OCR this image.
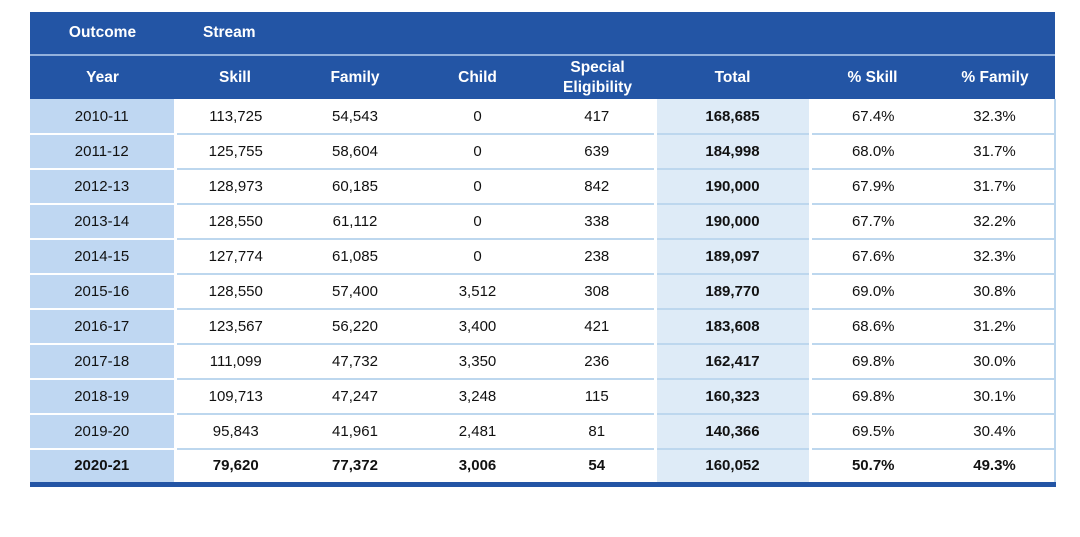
Outcome	Stream						
Year	Skill	Family	Child	Special Eligibility	Total	% Skill	% Family
2010-11	113,725	54,543	0	417	168,685	67.4%	32.3%
2011-12	125,755	58,604	0	639	184,998	68.0%	31.7%
2012-13	128,973	60,185	0	842	190,000	67.9%	31.7%
2013-14	128,550	61,112	0	338	190,000	67.7%	32.2%
2014-15	127,774	61,085	0	238	189,097	67.6%	32.3%
2015-16	128,550	57,400	3,512	308	189,770	69.0%	30.8%
2016-17	123,567	56,220	3,400	421	183,608	68.6%	31.2%
2017-18	111,099	47,732	3,350	236	162,417	69.8%	30.0%
2018-19	109,713	47,247	3,248	115	160,323	69.8%	30.1%
2019-20	95,843	41,961	2,481	81	140,366	69.5%	30.4%
2020-21	79,620	77,372	3,006	54	160,052	50.7%	49.3%
